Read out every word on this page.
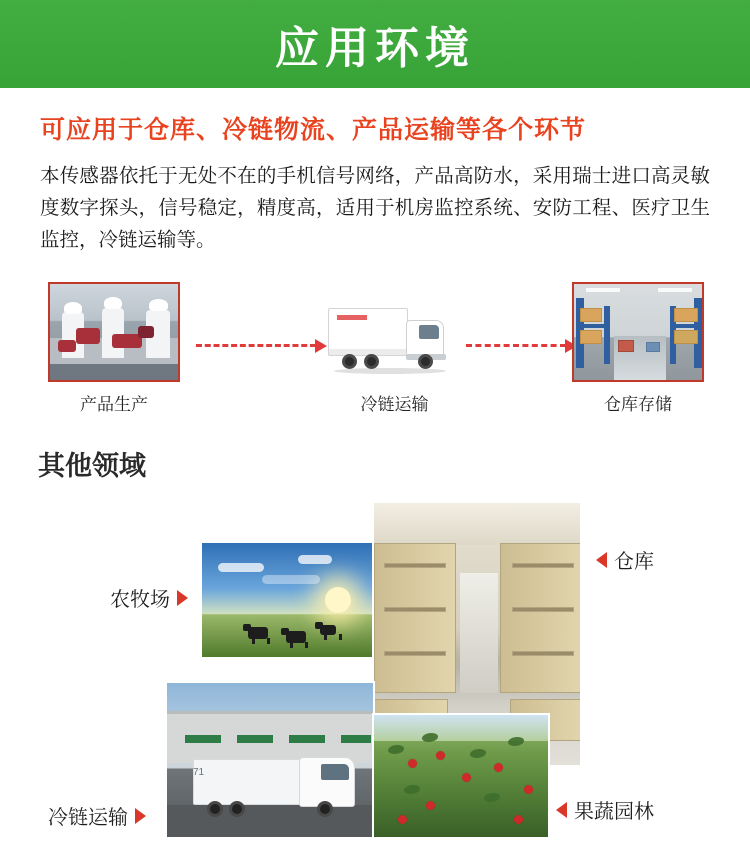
应用环境
可应用于仓库、冷链物流、产品运输等各个环节
本传感器依托于无处不在的手机信号网络，产品高防水，采用瑞士进口高灵敏度数字探头，信号稳定，精度高，适用于机房监控系统、安防工程、医疗卫生监控，冷链运输等。
产品生产	冷链运输	仓库存储
其他领域
71
农牧场
仓库
冷链运输	果蔬园林
